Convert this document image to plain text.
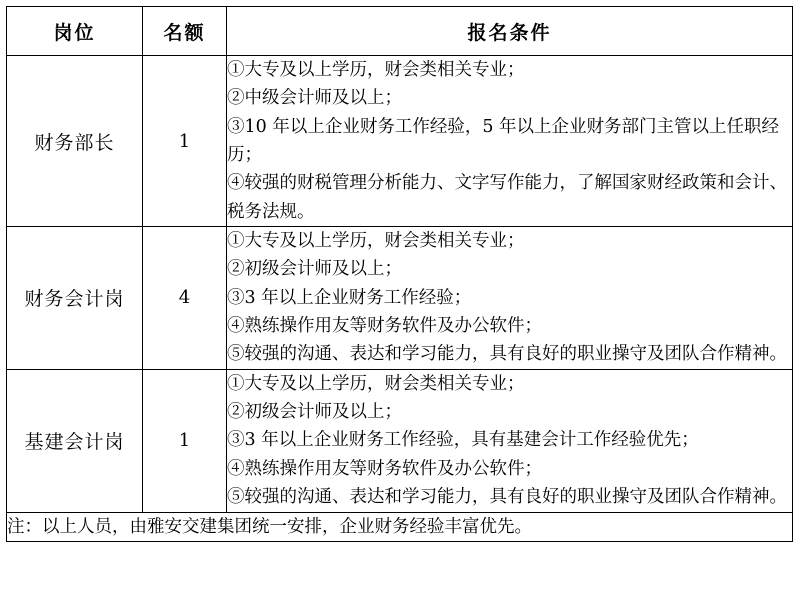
岗位	名额	报名条件
财务部长	1	①大专及以上学历，财会类相关专业；
②中级会计师及以上；
③10 年以上企业财务工作经验，5 年以上企业财务部门主管以上任职经历；
④较强的财税管理分析能力、文字写作能力，了解国家财经政策和会计、税务法规。

财务会计岗	4	①大专及以上学历，财会类相关专业；
②初级会计师及以上；
③3 年以上企业财务工作经验；
④熟练操作用友等财务软件及办公软件；
⑤较强的沟通、表达和学习能力，具有良好的职业操守及团队合作精神。

基建会计岗	1	①大专及以上学历，财会类相关专业；
②初级会计师及以上；
③3 年以上企业财务工作经验，具有基建会计工作经验优先；
④熟练操作用友等财务软件及办公软件；
⑤较强的沟通、表达和学习能力，具有良好的职业操守及团队合作精神。

注：以上人员，由雅安交建集团统一安排，企业财务经验丰富优先。		
